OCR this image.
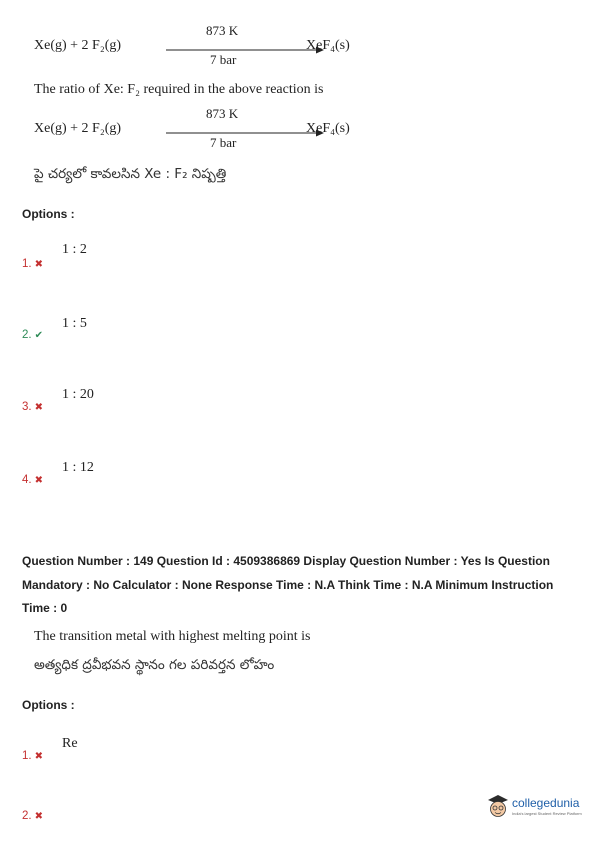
Xe(g) + 2 F₂(g)
873 K
7 bar
XeF₄(s)
The ratio of Xe: F₂ required in the above reaction is
Xe(g) + 2 F₂(g)
873 K
7 bar
XeF₄(s)
పై చర్యలో కావలసిన Xe : F₂ నిష్పత్తి
Options :
1 : 2
1. ✖
1 : 5
2. ✔
1 : 20
3. ✖
1 : 12
4. ✖
Question Number : 149 Question Id : 4509386869 Display Question Number : Yes Is Question Mandatory : No Calculator : None Response Time : N.A Think Time : N.A Minimum Instruction Time : 0
The transition metal with highest melting point is
అత్యధిక ద్రవీభవన స్థానం గల పరివర్తన లోహం
Options :
Re
1. ✖
2. ✖
collegedunia
India's largest Student Review Platform
